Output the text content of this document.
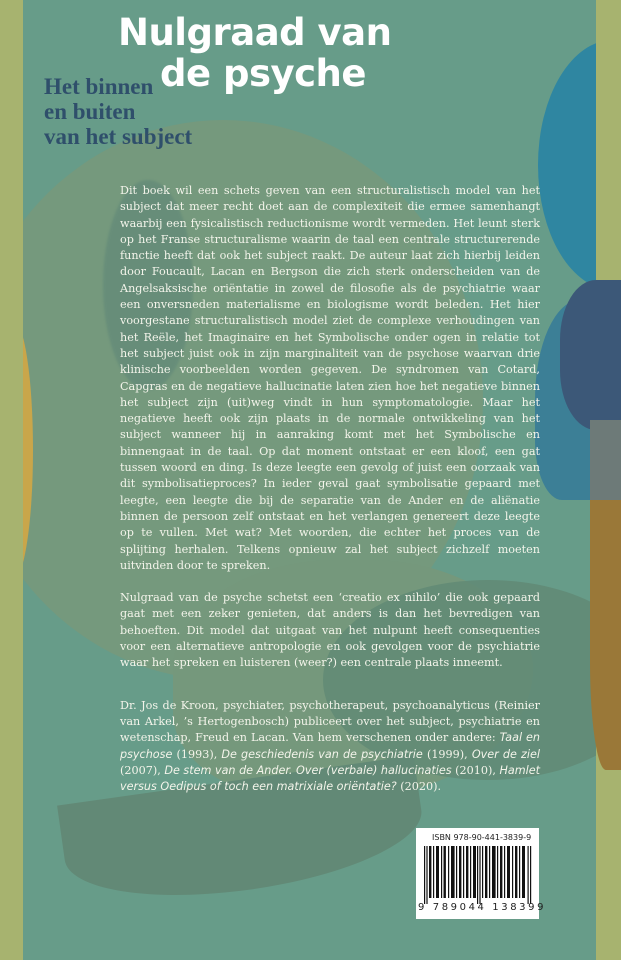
Nulgraad van
de psyche
Het binnen
en buiten
van het subject

Dit boek wil een schets geven van een structuralistisch model van het subject dat meer recht doet aan de complexiteit die ermee samenhangt waarbij een fysicalistisch reductionisme wordt vermeden. Het leunt sterk op het Franse structuralisme waarin de taal een centrale structurerende functie heeft dat ook het subject raakt. De auteur laat zich hierbij leiden door Foucault, Lacan en Bergson die zich sterk onderscheiden van de Angelsaksische oriëntatie in zowel de filosofie als de psychiatrie waar een onversneden materialisme en biologisme wordt beleden. Het hier voorgestane structuralistisch model ziet de complexe verhoudingen van het Reële, het Imaginaire en het Symbolische onder ogen in relatie tot het subject juist ook in zijn marginaliteit van de psychose waarvan drie klinische voorbeelden worden gegeven. De syndromen van Cotard, Capgras en de negatieve hallucinatie laten zien hoe het negatieve binnen het subject zijn (uit)weg vindt in hun symptomatologie. Maar het negatieve heeft ook zijn plaats in de normale ontwikkeling van het subject wanneer hij in aanraking komt met het Symbolische en binnengaat in de taal. Op dat moment ontstaat er een kloof, een gat tussen woord en ding. Is deze leegte een gevolg of juist een oorzaak van dit symbolisatieproces? In ieder geval gaat symbolisatie gepaard met leegte, een leegte die bij de separatie van de Ander en de aliënatie binnen de persoon zelf ontstaat en het verlangen genereert deze leegte op te vullen. Met wat? Met woorden, die echter het proces van de splijting herhalen. Telkens opnieuw zal het subject zichzelf moeten uitvinden door te spreken.

Nulgraad van de psyche schetst een ‘creatio ex nihilo’ die ook gepaard gaat met een zeker genieten, dat anders is dan het bevredigen van behoeften. Dit model dat uitgaat van het nulpunt heeft consequenties voor een alternatieve antropologie en ook gevolgen voor de psychiatrie waar het spreken en luisteren (weer?) een centrale plaats inneemt.

Dr. Jos de Kroon, psychiater, psychotherapeut, psychoanalyticus (Reinier van Arkel, ’s Hertogenbosch) publiceert over het subject, psychiatrie en wetenschap, Freud en Lacan. Van hem verschenen onder andere: Taal en psychose (1993), De geschiedenis van de psychiatrie (1999), Over de ziel (2007), De stem van de Ander. Over (verbale) hallucinaties (2010), Hamlet versus Oedipus of toch een matrixiale oriëntatie? (2020).

ISBN 978-90-441-3839-9
9 789044 138399
